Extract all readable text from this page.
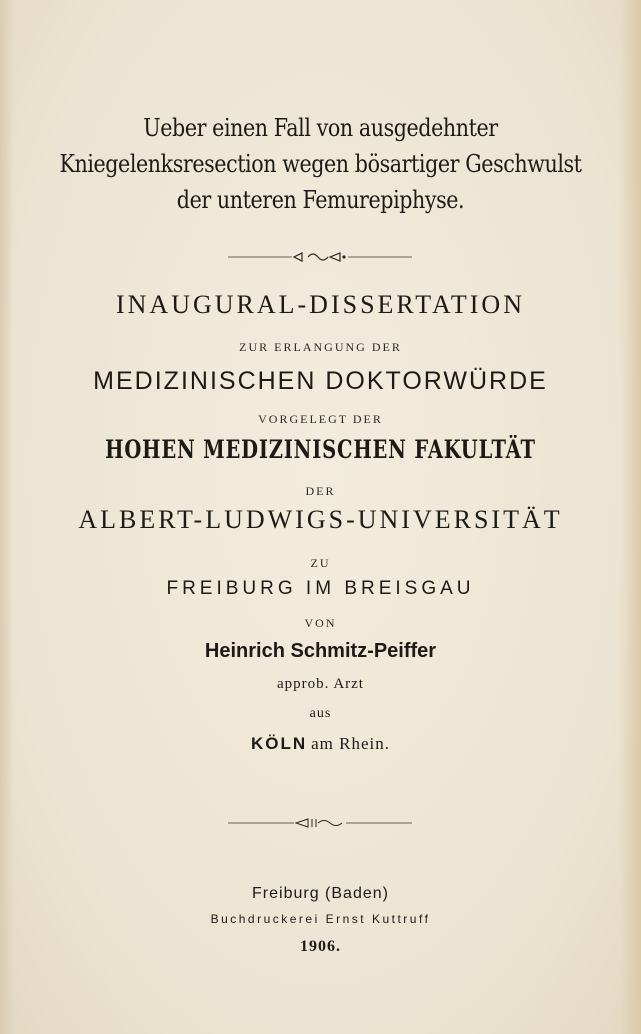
Ueber einen Fall von ausgedehnter
Kniegelenksresection wegen bösartiger Geschwulst
der unteren Femurepiphyse.
INAUGURAL-DISSERTATION
ZUR ERLANGUNG DER
MEDIZINISCHEN DOKTORWÜRDE
VORGELEGT DER
HOHEN MEDIZINISCHEN FAKULTÄT
DER
ALBERT-LUDWIGS-UNIVERSITÄT
ZU
FREIBURG IM BREISGAU
VON
Heinrich Schmitz-Peiffer
approb. Arzt
aus
KÖLN am Rhein.
Freiburg (Baden)
Buchdruckerei Ernst Kuttruff
1906.
